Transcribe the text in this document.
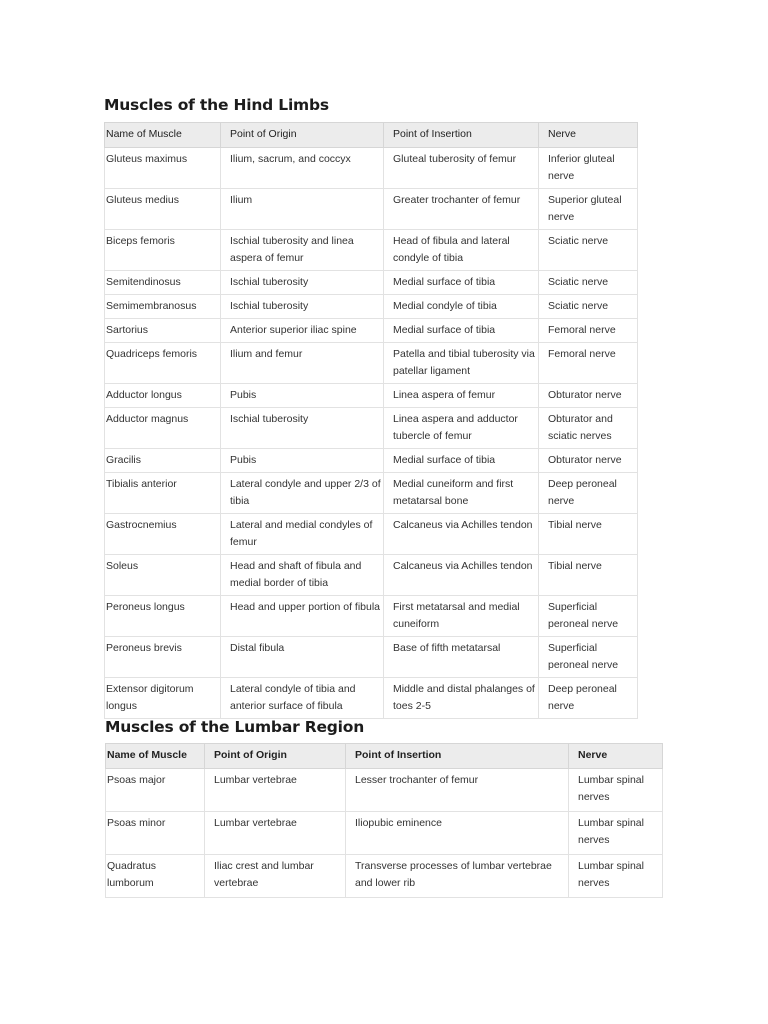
Muscles of the Hind Limbs
Name of Muscle	Point of Origin	Point of Insertion	Nerve
Gluteus maximus	Ilium, sacrum, and coccyx	Gluteal tuberosity of femur	Inferior gluteal nerve
Gluteus medius	Ilium	Greater trochanter of femur	Superior gluteal nerve
Biceps femoris	Ischial tuberosity and linea aspera of femur	Head of fibula and lateral condyle of tibia	Sciatic nerve
Semitendinosus	Ischial tuberosity	Medial surface of tibia	Sciatic nerve
Semimembranosus	Ischial tuberosity	Medial condyle of tibia	Sciatic nerve
Sartorius	Anterior superior iliac spine	Medial surface of tibia	Femoral nerve
Quadriceps femoris	Ilium and femur	Patella and tibial tuberosity via patellar ligament	Femoral nerve
Adductor longus	Pubis	Linea aspera of femur	Obturator nerve
Adductor magnus	Ischial tuberosity	Linea aspera and adductor tubercle of femur	Obturator and sciatic nerves
Gracilis	Pubis	Medial surface of tibia	Obturator nerve
Tibialis anterior	Lateral condyle and upper 2/3 of tibia	Medial cuneiform and first metatarsal bone	Deep peroneal nerve
Gastrocnemius	Lateral and medial condyles of femur	Calcaneus via Achilles tendon	Tibial nerve
Soleus	Head and shaft of fibula and medial border of tibia	Calcaneus via Achilles tendon	Tibial nerve
Peroneus longus	Head and upper portion of fibula	First metatarsal and medial cuneiform	Superficial peroneal nerve
Peroneus brevis	Distal fibula	Base of fifth metatarsal	Superficial peroneal nerve
Extensor digitorum longus	Lateral condyle of tibia and anterior surface of fibula	Middle and distal phalanges of toes 2-5	Deep peroneal nerve
Muscles of the Lumbar Region
Name of Muscle	Point of Origin	Point of Insertion	Nerve
Psoas major	Lumbar vertebrae	Lesser trochanter of femur	Lumbar spinal nerves
Psoas minor	Lumbar vertebrae	Iliopubic eminence	Lumbar spinal nerves
Quadratus lumborum	Iliac crest and lumbar vertebrae	Transverse processes of lumbar vertebrae and lower rib	Lumbar spinal nerves
